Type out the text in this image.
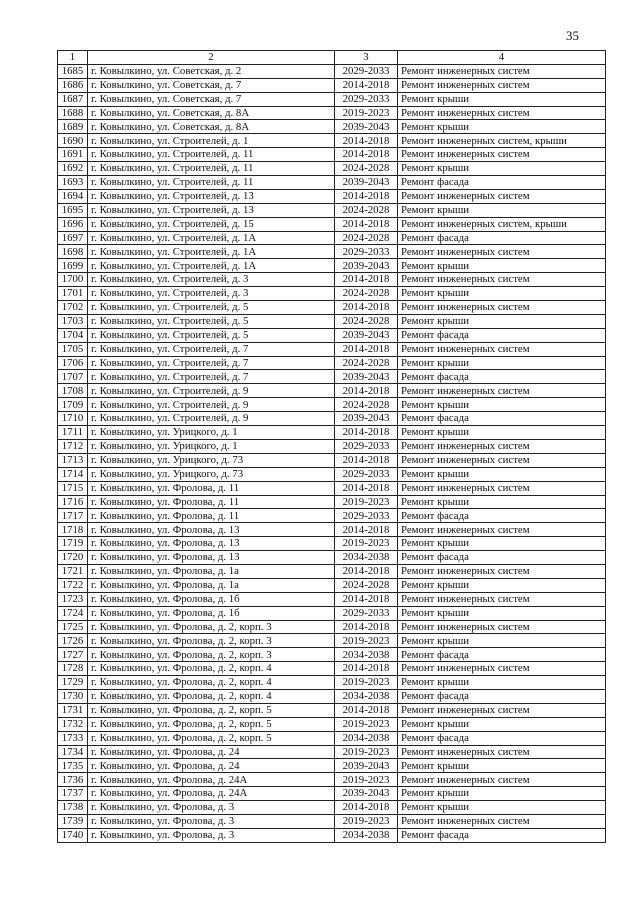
35
1	2	3	4
1685	г. Ковылкино, ул. Советская, д. 2	2029-2033	Ремонт инженерных систем
1686	г. Ковылкино, ул. Советская, д. 7	2014-2018	Ремонт инженерных систем
1687	г. Ковылкино, ул. Советская, д. 7	2029-2033	Ремонт крыши
1688	г. Ковылкино, ул. Советская, д. 8А	2019-2023	Ремонт инженерных систем
1689	г. Ковылкино, ул. Советская, д. 8А	2039-2043	Ремонт крыши
1690	г. Ковылкино, ул. Строителей, д. 1	2014-2018	Ремонт инженерных систем, крыши
1691	г. Ковылкино, ул. Строителей, д. 11	2014-2018	Ремонт инженерных систем
1692	г. Ковылкино, ул. Строителей, д. 11	2024-2028	Ремонт крыши
1693	г. Ковылкино, ул. Строителей, д. 11	2039-2043	Ремонт фасада
1694	г. Ковылкино, ул. Строителей, д. 13	2014-2018	Ремонт инженерных систем
1695	г. Ковылкино, ул. Строителей, д. 13	2024-2028	Ремонт крыши
1696	г. Ковылкино, ул. Строителей, д. 15	2014-2018	Ремонт инженерных систем, крыши
1697	г. Ковылкино, ул. Строителей, д. 1А	2024-2028	Ремонт фасада
1698	г. Ковылкино, ул. Строителей, д. 1А	2029-2033	Ремонт инженерных систем
1699	г. Ковылкино, ул. Строителей, д. 1А	2039-2043	Ремонт крыши
1700	г. Ковылкино, ул. Строителей, д. 3	2014-2018	Ремонт инженерных систем
1701	г. Ковылкино, ул. Строителей, д. 3	2024-2028	Ремонт крыши
1702	г. Ковылкино, ул. Строителей, д. 5	2014-2018	Ремонт инженерных систем
1703	г. Ковылкино, ул. Строителей, д. 5	2024-2028	Ремонт крыши
1704	г. Ковылкино, ул. Строителей, д. 5	2039-2043	Ремонт фасада
1705	г. Ковылкино, ул. Строителей, д. 7	2014-2018	Ремонт инженерных систем
1706	г. Ковылкино, ул. Строителей, д. 7	2024-2028	Ремонт крыши
1707	г. Ковылкино, ул. Строителей, д. 7	2039-2043	Ремонт фасада
1708	г. Ковылкино, ул. Строителей, д. 9	2014-2018	Ремонт инженерных систем
1709	г. Ковылкино, ул. Строителей, д. 9	2024-2028	Ремонт крыши
1710	г. Ковылкино, ул. Строителей, д. 9	2039-2043	Ремонт фасада
1711	г. Ковылкино, ул. Урицкого, д. 1	2014-2018	Ремонт крыши
1712	г. Ковылкино, ул. Урицкого, д. 1	2029-2033	Ремонт инженерных систем
1713	г. Ковылкино, ул. Урицкого, д. 73	2014-2018	Ремонт инженерных систем
1714	г. Ковылкино, ул. Урицкого, д. 73	2029-2033	Ремонт крыши
1715	г. Ковылкино, ул. Фролова, д. 11	2014-2018	Ремонт инженерных систем
1716	г. Ковылкино, ул. Фролова, д. 11	2019-2023	Ремонт крыши
1717	г. Ковылкино, ул. Фролова, д. 11	2029-2033	Ремонт фасада
1718	г. Ковылкино, ул. Фролова, д. 13	2014-2018	Ремонт инженерных систем
1719	г. Ковылкино, ул. Фролова, д. 13	2019-2023	Ремонт крыши
1720	г. Ковылкино, ул. Фролова, д. 13	2034-2038	Ремонт фасада
1721	г. Ковылкино, ул. Фролова, д. 1а	2014-2018	Ремонт инженерных систем
1722	г. Ковылкино, ул. Фролова, д. 1а	2024-2028	Ремонт крыши
1723	г. Ковылкино, ул. Фролова, д. 1б	2014-2018	Ремонт инженерных систем
1724	г. Ковылкино, ул. Фролова, д. 1б	2029-2033	Ремонт крыши
1725	г. Ковылкино, ул. Фролова, д. 2, корп. 3	2014-2018	Ремонт инженерных систем
1726	г. Ковылкино, ул. Фролова, д. 2, корп. 3	2019-2023	Ремонт крыши
1727	г. Ковылкино, ул. Фролова, д. 2, корп. 3	2034-2038	Ремонт фасада
1728	г. Ковылкино, ул. Фролова, д. 2, корп. 4	2014-2018	Ремонт инженерных систем
1729	г. Ковылкино, ул. Фролова, д. 2, корп. 4	2019-2023	Ремонт крыши
1730	г. Ковылкино, ул. Фролова, д. 2, корп. 4	2034-2038	Ремонт фасада
1731	г. Ковылкино, ул. Фролова, д. 2, корп. 5	2014-2018	Ремонт инженерных систем
1732	г. Ковылкино, ул. Фролова, д. 2, корп. 5	2019-2023	Ремонт крыши
1733	г. Ковылкино, ул. Фролова, д. 2, корп. 5	2034-2038	Ремонт фасада
1734	г. Ковылкино, ул. Фролова, д. 24	2019-2023	Ремонт инженерных систем
1735	г. Ковылкино, ул. Фролова, д. 24	2039-2043	Ремонт крыши
1736	г. Ковылкино, ул. Фролова, д. 24А	2019-2023	Ремонт инженерных систем
1737	г. Ковылкино, ул. Фролова, д. 24А	2039-2043	Ремонт крыши
1738	г. Ковылкино, ул. Фролова, д. 3	2014-2018	Ремонт крыши
1739	г. Ковылкино, ул. Фролова, д. 3	2019-2023	Ремонт инженерных систем
1740	г. Ковылкино, ул. Фролова, д. 3	2034-2038	Ремонт фасада
